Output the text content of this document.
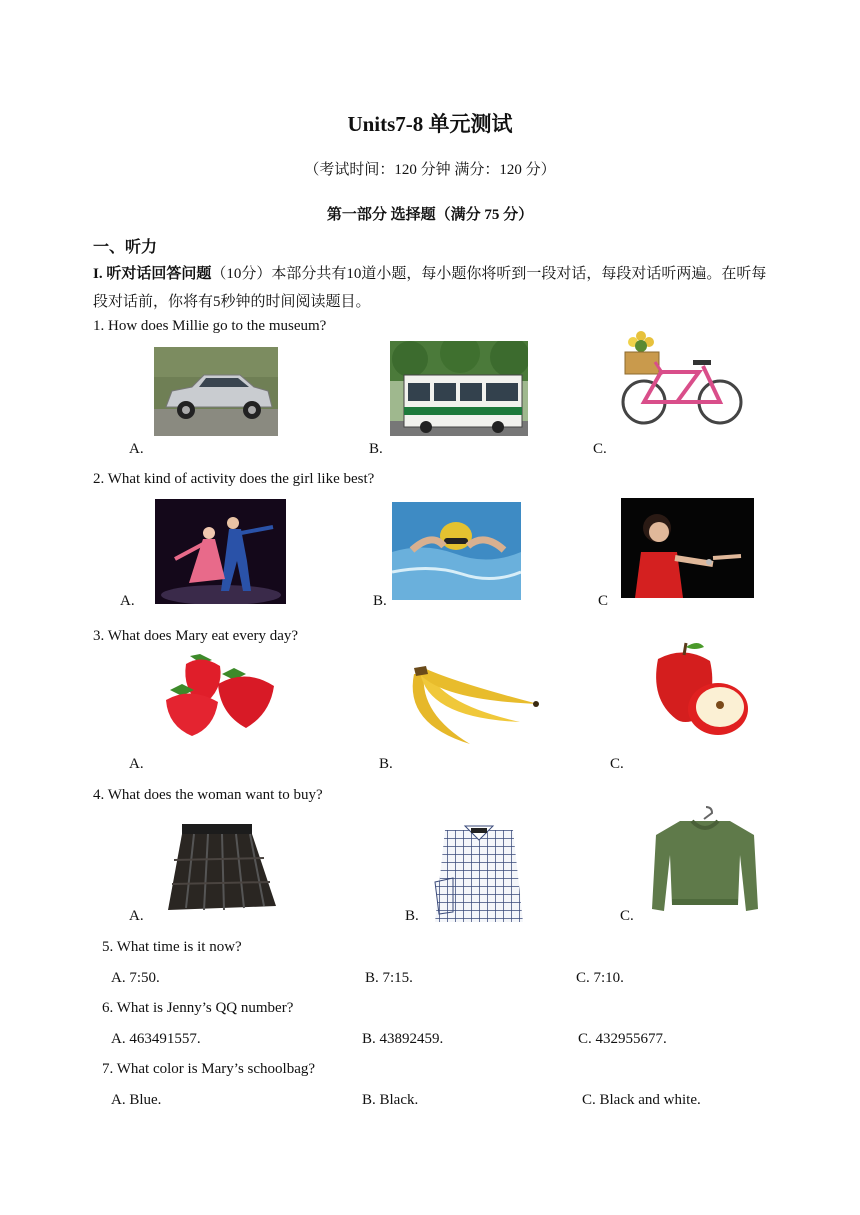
Units7-8 单元测试
（考试时间：120 分钟 满分：120 分）
第一部分 选择题（满分 75 分）
一、听力
I. 听对话回答问题（10分）本部分共有10道小题，每小题你将听到一段对话，每段对话听两遍。在听每段对话前，你将有5秒钟的时间阅读题目。
1. How does Millie go to the museum?
A.	B.	C.
2. What kind of activity does the girl like best?
A.	B.	C
3. What does Mary eat every day?
A.	B.	C.
4. What does the woman want to buy?
A.	B.	C.
5. What time is it now?
A. 7:50.	B. 7:15.	C. 7:10.
6. What is Jenny’s QQ number?
A. 463491557.	B. 43892459.	C. 432955677.
7. What color is Mary’s schoolbag?
A. Blue.	B. Black.	C. Black and white.
